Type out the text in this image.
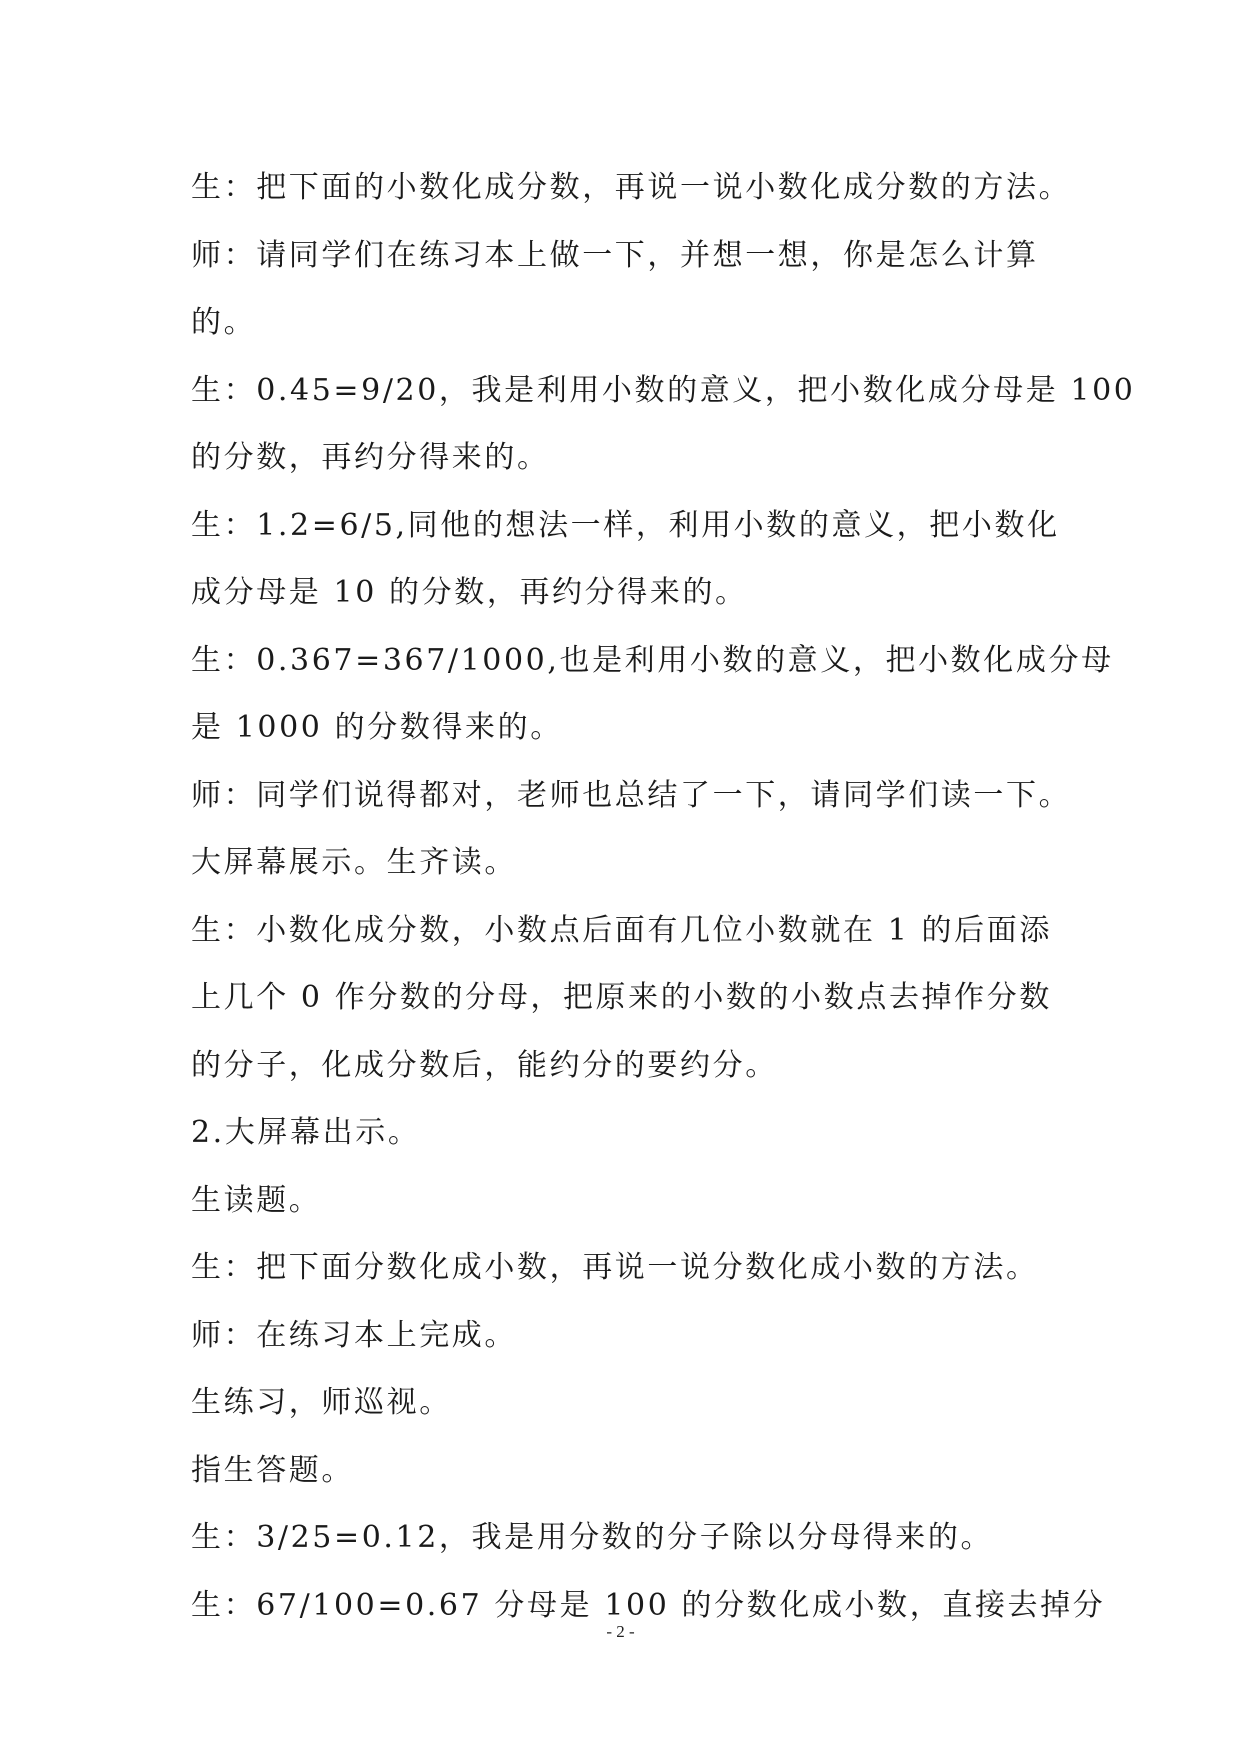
生：把下面的小数化成分数，再说一说小数化成分数的方法。
师：请同学们在练习本上做一下，并想一想，你是怎么计算
的。
生：0.45=9/20，我是利用小数的意义，把小数化成分母是 100
的分数，再约分得来的。
生：1.2=6/5,同他的想法一样，利用小数的意义，把小数化
成分母是 10 的分数，再约分得来的。
生：0.367=367/1000,也是利用小数的意义，把小数化成分母
是 1000 的分数得来的。
师：同学们说得都对，老师也总结了一下，请同学们读一下。
大屏幕展示。生齐读。
生：小数化成分数，小数点后面有几位小数就在 1 的后面添
上几个 0 作分数的分母，把原来的小数的小数点去掉作分数
的分子，化成分数后，能约分的要约分。
2.大屏幕出示。
生读题。
生：把下面分数化成小数，再说一说分数化成小数的方法。
师：在练习本上完成。
生练习，师巡视。
指生答题。
生：3/25=0.12，我是用分数的分子除以分母得来的。
生：67/100=0.67 分母是 100 的分数化成小数，直接去掉分
- 2 -
